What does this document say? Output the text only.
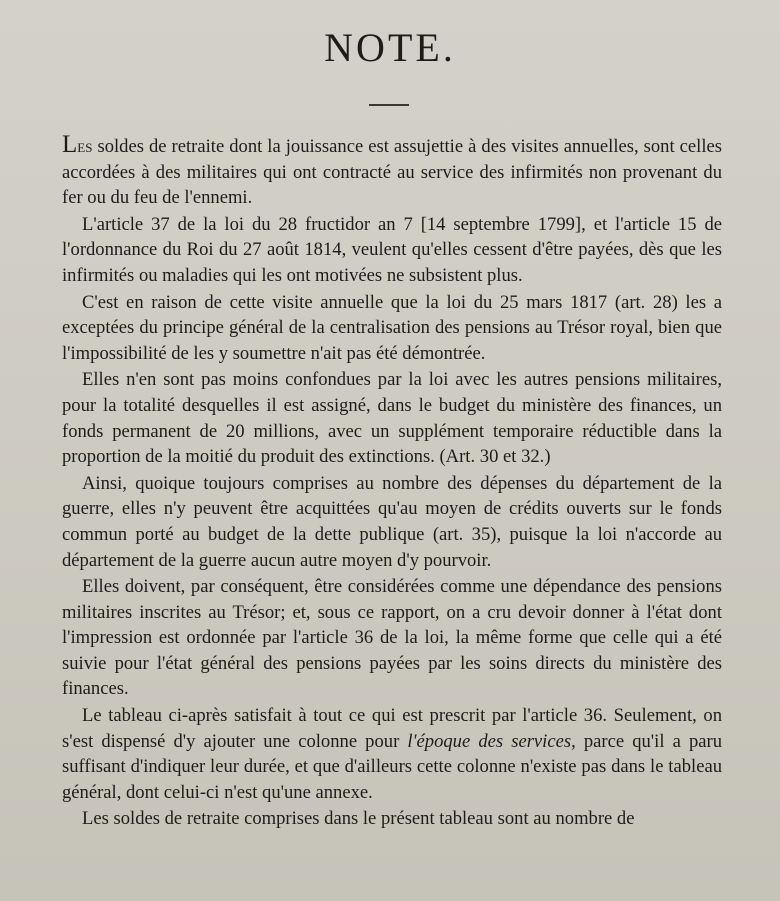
NOTE.

Les soldes de retraite dont la jouissance est assujettie à des visites annuelles, sont celles accordées à des militaires qui ont contracté au service des infirmités non provenant du fer ou du feu de l'ennemi.

L'article 37 de la loi du 28 fructidor an 7 [14 septembre 1799], et l'article 15 de l'ordonnance du Roi du 27 août 1814, veulent qu'elles cessent d'être payées, dès que les infirmités ou maladies qui les ont motivées ne subsistent plus.

C'est en raison de cette visite annuelle que la loi du 25 mars 1817 (art. 28) les a exceptées du principe général de la centralisation des pensions au Trésor royal, bien que l'impossibilité de les y soumettre n'ait pas été démontrée.

Elles n'en sont pas moins confondues par la loi avec les autres pensions militaires, pour la totalité desquelles il est assigné, dans le budget du ministère des finances, un fonds permanent de 20 millions, avec un supplément temporaire réductible dans la proportion de la moitié du produit des extinctions. (Art. 30 et 32.)

Ainsi, quoique toujours comprises au nombre des dépenses du département de la guerre, elles n'y peuvent être acquittées qu'au moyen de crédits ouverts sur le fonds commun porté au budget de la dette publique (art. 35), puisque la loi n'accorde au département de la guerre aucun autre moyen d'y pourvoir.

Elles doivent, par conséquent, être considérées comme une dépendance des pensions militaires inscrites au Trésor; et, sous ce rapport, on a cru devoir donner à l'état dont l'impression est ordonnée par l'article 36 de la loi, la même forme que celle qui a été suivie pour l'état général des pensions payées par les soins directs du ministère des finances.

Le tableau ci-après satisfait à tout ce qui est prescrit par l'article 36. Seulement, on s'est dispensé d'y ajouter une colonne pour l'époque des services, parce qu'il a paru suffisant d'indiquer leur durée, et que d'ailleurs cette colonne n'existe pas dans le tableau général, dont celui-ci n'est qu'une annexe.

Les soldes de retraite comprises dans le présent tableau sont au nombre de
